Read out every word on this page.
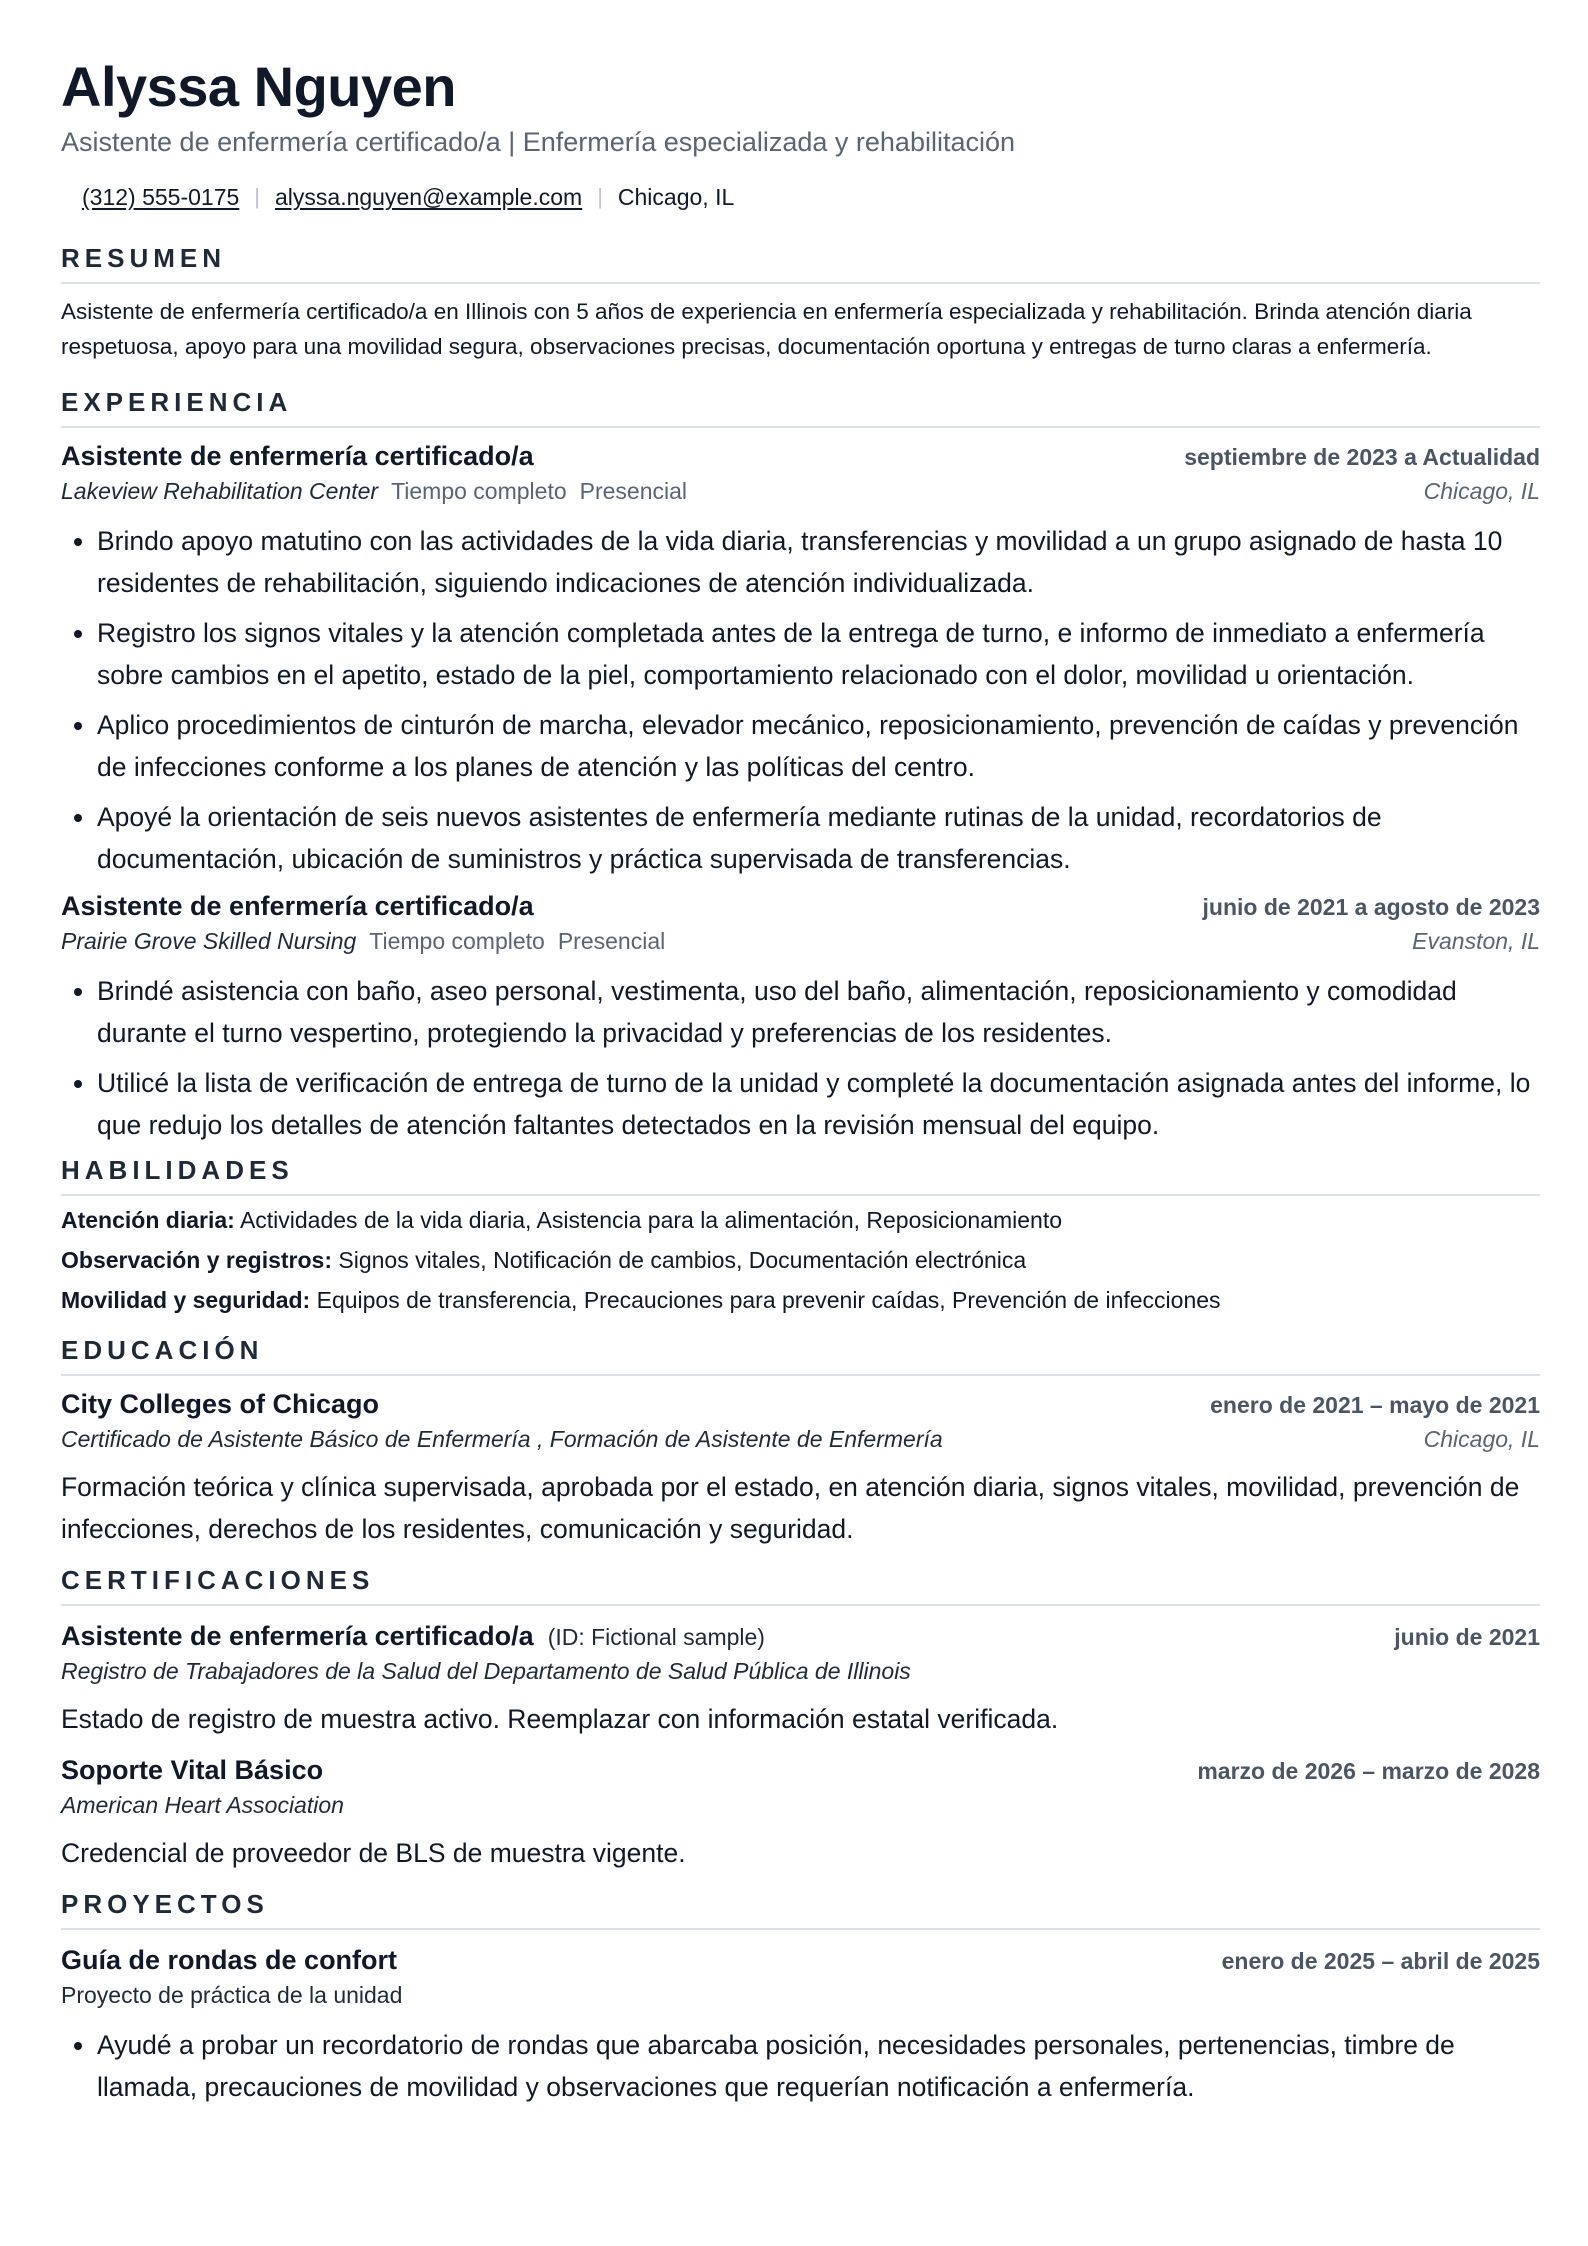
Alyssa Nguyen
Asistente de enfermería certificado/a | Enfermería especializada y rehabilitación
(312) 555-0175 | alyssa.nguyen@example.com | Chicago, IL
RESUMEN
Asistente de enfermería certificado/a en Illinois con 5 años de experiencia en enfermería especializada y rehabilitación. Brinda atención diaria respetuosa, apoyo para una movilidad segura, observaciones precisas, documentación oportuna y entregas de turno claras a enfermería.
EXPERIENCIA
Asistente de enfermería certificado/a	septiembre de 2023 a Actualidad
Lakeview Rehabilitation Center Tiempo completo Presencial	Chicago, IL
• Brindo apoyo matutino con las actividades de la vida diaria, transferencias y movilidad a un grupo asignado de hasta 10 residentes de rehabilitación, siguiendo indicaciones de atención individualizada.
• Registro los signos vitales y la atención completada antes de la entrega de turno, e informo de inmediato a enfermería sobre cambios en el apetito, estado de la piel, comportamiento relacionado con el dolor, movilidad u orientación.
• Aplico procedimientos de cinturón de marcha, elevador mecánico, reposicionamiento, prevención de caídas y prevención de infecciones conforme a los planes de atención y las políticas del centro.
• Apoyé la orientación de seis nuevos asistentes de enfermería mediante rutinas de la unidad, recordatorios de documentación, ubicación de suministros y práctica supervisada de transferencias.
Asistente de enfermería certificado/a	junio de 2021 a agosto de 2023
Prairie Grove Skilled Nursing Tiempo completo Presencial	Evanston, IL
• Brindé asistencia con baño, aseo personal, vestimenta, uso del baño, alimentación, reposicionamiento y comodidad durante el turno vespertino, protegiendo la privacidad y preferencias de los residentes.
• Utilicé la lista de verificación de entrega de turno de la unidad y completé la documentación asignada antes del informe, lo que redujo los detalles de atención faltantes detectados en la revisión mensual del equipo.
HABILIDADES
Atención diaria: Actividades de la vida diaria, Asistencia para la alimentación, Reposicionamiento
Observación y registros: Signos vitales, Notificación de cambios, Documentación electrónica
Movilidad y seguridad: Equipos de transferencia, Precauciones para prevenir caídas, Prevención de infecciones
EDUCACIÓN
City Colleges of Chicago	enero de 2021 – mayo de 2021
Certificado de Asistente Básico de Enfermería , Formación de Asistente de Enfermería	Chicago, IL
Formación teórica y clínica supervisada, aprobada por el estado, en atención diaria, signos vitales, movilidad, prevención de infecciones, derechos de los residentes, comunicación y seguridad.
CERTIFICACIONES
Asistente de enfermería certificado/a (ID: Fictional sample)	junio de 2021
Registro de Trabajadores de la Salud del Departamento de Salud Pública de Illinois
Estado de registro de muestra activo. Reemplazar con información estatal verificada.
Soporte Vital Básico	marzo de 2026 – marzo de 2028
American Heart Association
Credencial de proveedor de BLS de muestra vigente.
PROYECTOS
Guía de rondas de confort	enero de 2025 – abril de 2025
Proyecto de práctica de la unidad
• Ayudé a probar un recordatorio de rondas que abarcaba posición, necesidades personales, pertenencias, timbre de llamada, precauciones de movilidad y observaciones que requerían notificación a enfermería.
